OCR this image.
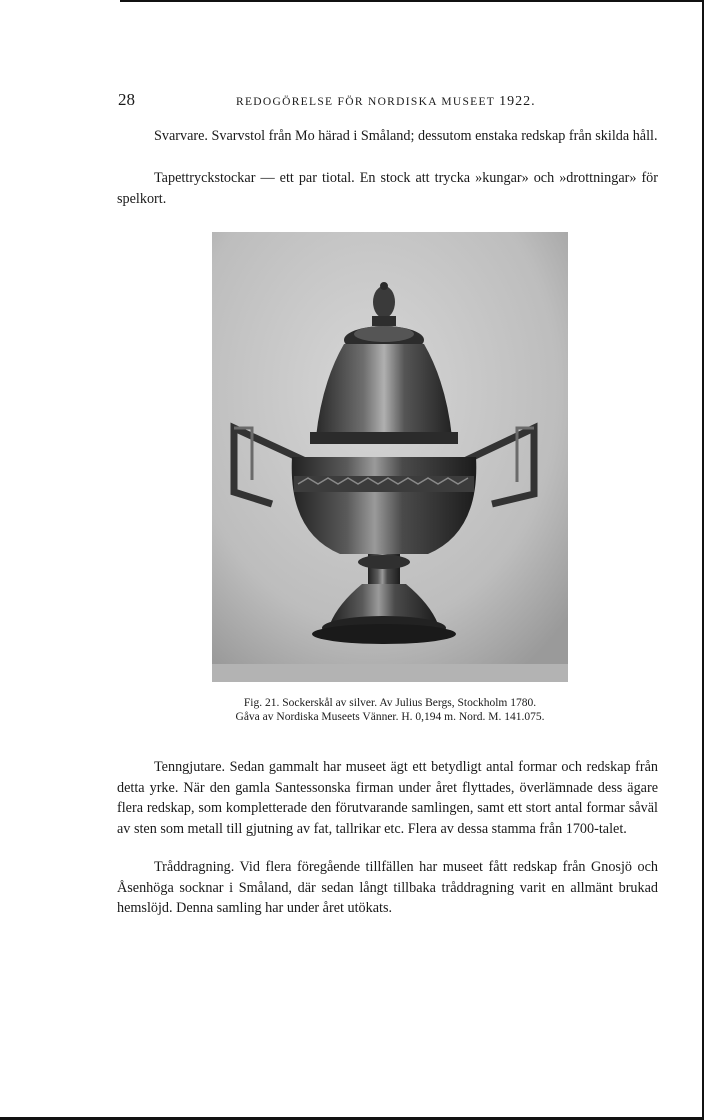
28	REDOGÖRELSE FÖR NORDISKA MUSEET 1922.

Svarvare. Svarvstol från Mo härad i Småland; dessutom enstaka redskap från skilda håll.

Tapettryckstockar — ett par tiotal. En stock att trycka »kungar» och »drottningar» för spelkort.

Fig. 21. Sockerskål av silver. Av Julius Bergs, Stockholm 1780.
Gåva av Nordiska Museets Vänner. H. 0,194 m. Nord. M. 141.075.

Tenngjutare. Sedan gammalt har museet ägt ett betydligt antal formar och redskap från detta yrke. När den gamla Santessonska firman under året flyttades, överlämnade dess ägare flera redskap, som kompletterade den förutvarande samlingen, samt ett stort antal formar såväl av sten som metall till gjutning av fat, tallrikar etc. Flera av dessa stamma från 1700-talet.

Tråddragning. Vid flera föregående tillfällen har museet fått redskap från Gnosjö och Åsenhöga socknar i Småland, där sedan långt tillbaka tråddragning varit en allmänt brukad hemslöjd. Denna samling har under året utökats.
